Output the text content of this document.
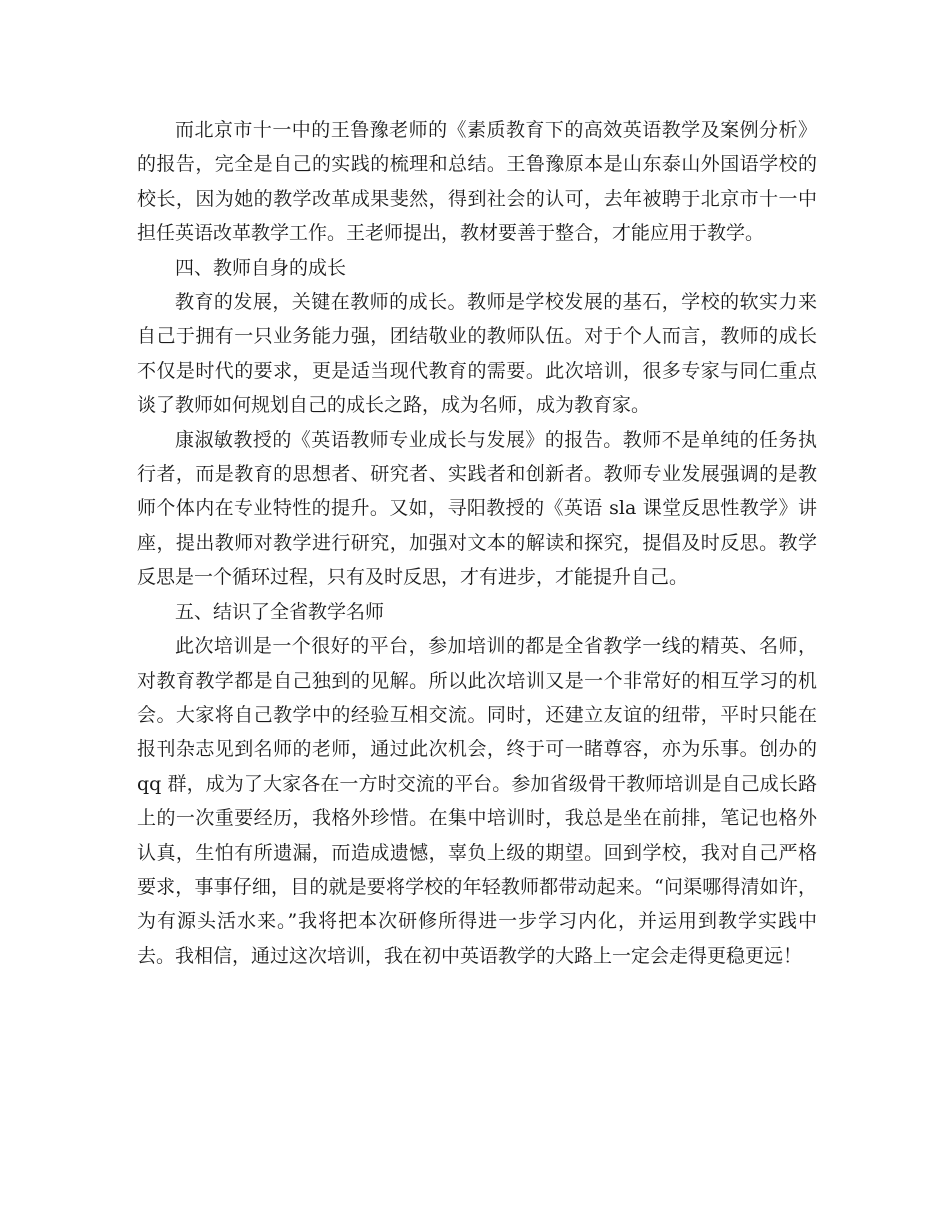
而北京市十一中的王鲁豫老师的《素质教育下的高效英语教学及案例分析》的报告，完全是自己的实践的梳理和总结。王鲁豫原本是山东泰山外国语学校的校长，因为她的教学改革成果斐然，得到社会的认可，去年被聘于北京市十一中担任英语改革教学工作。王老师提出，教材要善于整合，才能应用于教学。

四、教师自身的成长

教育的发展，关键在教师的成长。教师是学校发展的基石，学校的软实力来自己于拥有一只业务能力强，团结敬业的教师队伍。对于个人而言，教师的成长不仅是时代的要求，更是适当现代教育的需要。此次培训，很多专家与同仁重点谈了教师如何规划自己的成长之路，成为名师，成为教育家。

康淑敏教授的《英语教师专业成长与发展》的报告。教师不是单纯的任务执行者，而是教育的思想者、研究者、实践者和创新者。教师专业发展强调的是教师个体内在专业特性的提升。又如，寻阳教授的《英语 sla 课堂反思性教学》讲座，提出教师对教学进行研究，加强对文本的解读和探究，提倡及时反思。教学反思是一个循环过程，只有及时反思，才有进步，才能提升自己。

五、结识了全省教学名师

此次培训是一个很好的平台，参加培训的都是全省教学一线的精英、名师，对教育教学都是自己独到的见解。所以此次培训又是一个非常好的相互学习的机会。大家将自己教学中的经验互相交流。同时，还建立友谊的纽带，平时只能在报刊杂志见到名师的老师，通过此次机会，终于可一睹尊容，亦为乐事。创办的 qq 群，成为了大家各在一方时交流的平台。参加省级骨干教师培训是自己成长路上的一次重要经历，我格外珍惜。在集中培训时，我总是坐在前排，笔记也格外认真，生怕有所遗漏，而造成遗憾，辜负上级的期望。回到学校，我对自己严格要求，事事仔细，目的就是要将学校的年轻教师都带动起来。“问渠哪得清如许，为有源头活水来。”我将把本次研修所得进一步学习内化，并运用到教学实践中去。我相信，通过这次培训，我在初中英语教学的大路上一定会走得更稳更远！
